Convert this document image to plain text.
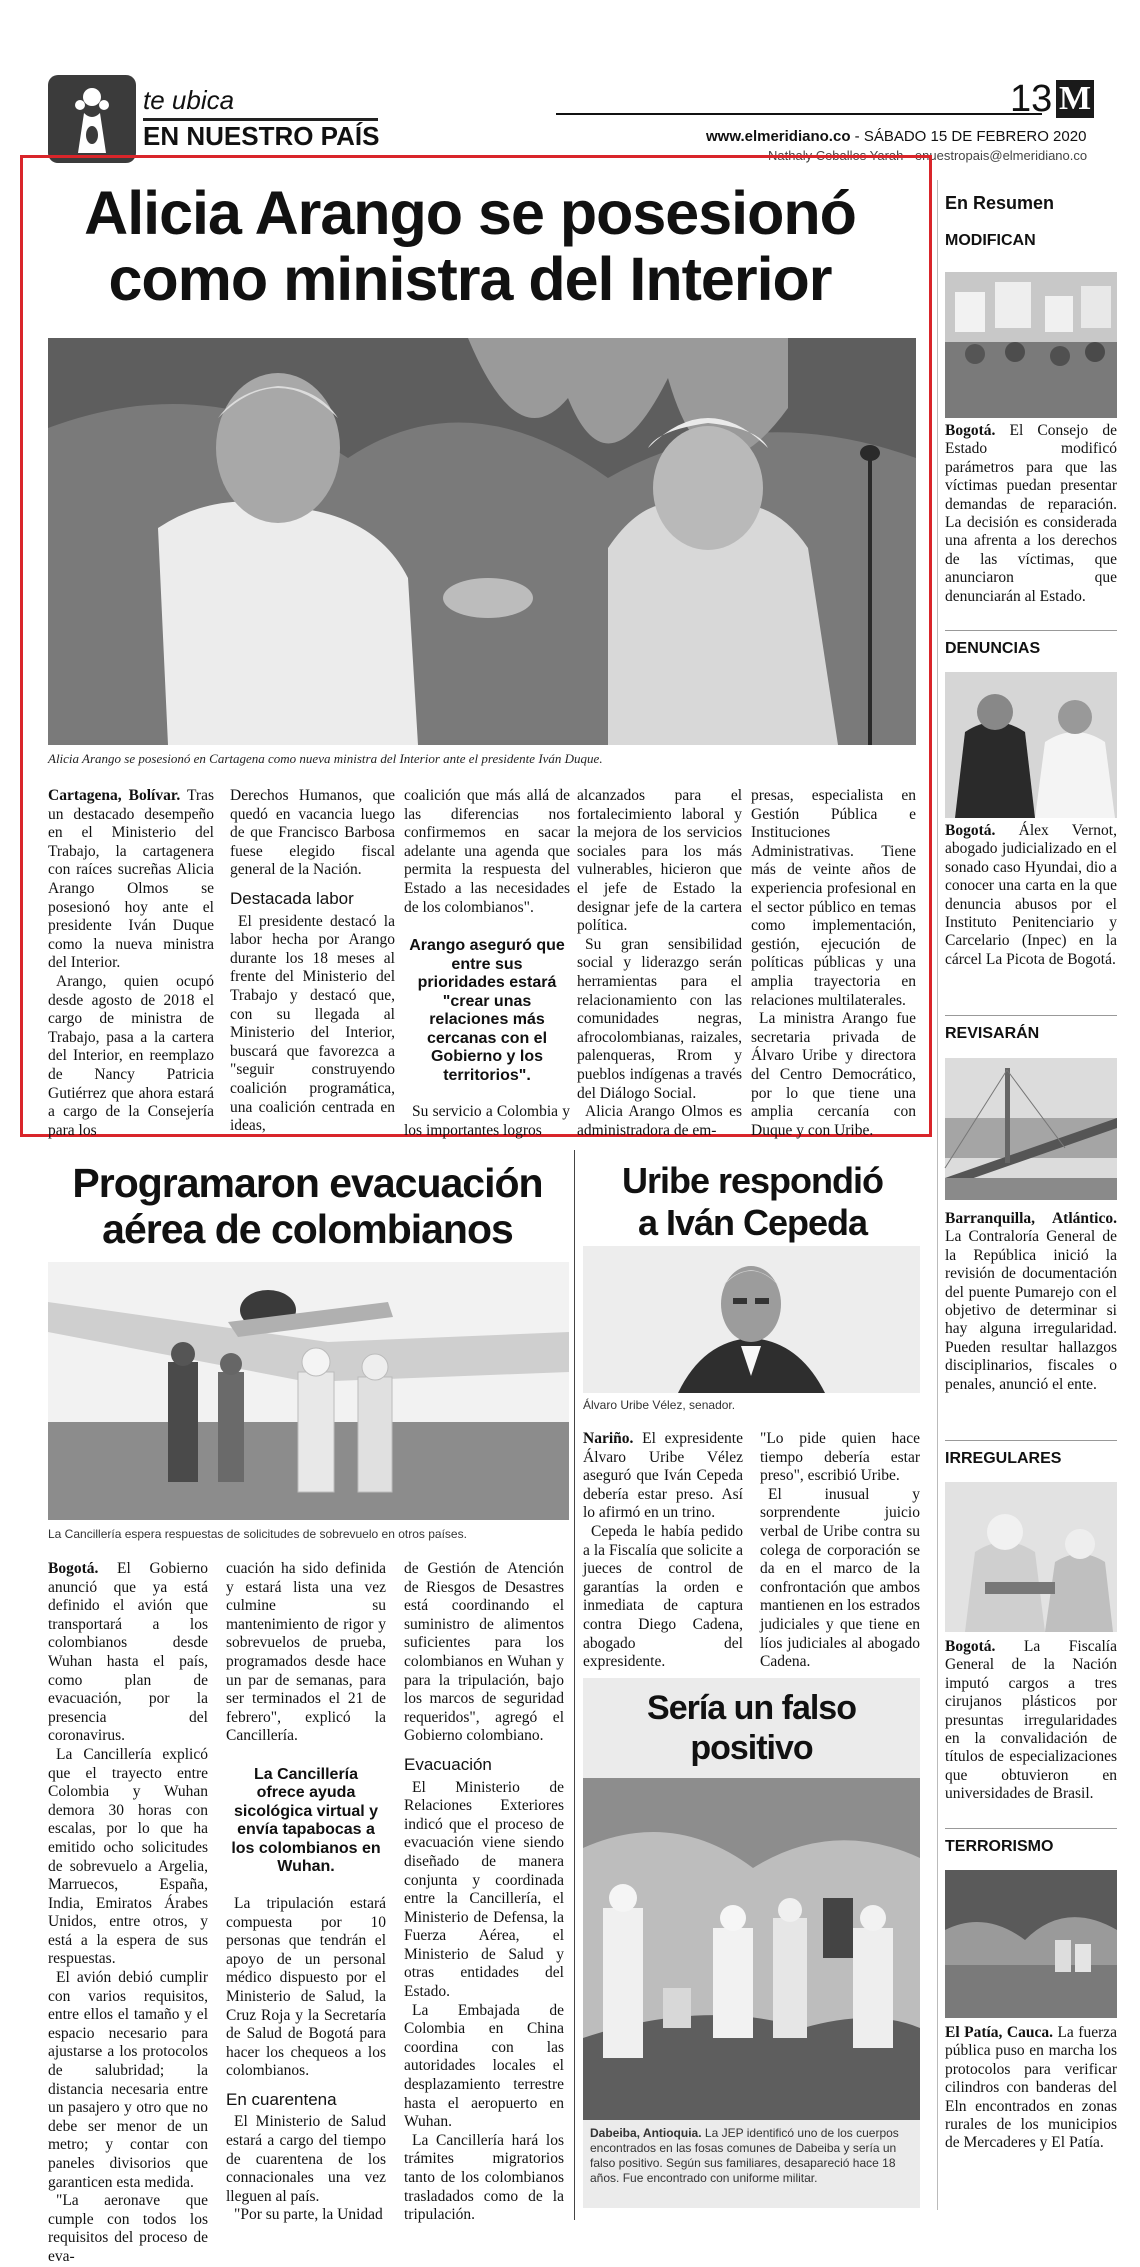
te ubica
EN NUESTRO PAÍS
13 M
www.elmeridiano.co - SÁBADO 15 DE FEBRERO 2020
Nathaly Ceballos Yarah - enuestropais@elmeridiano.co
Alicia Arango se posesionó
como ministra del Interior
Alicia Arango se posesionó en Cartagena como nueva ministra del Interior ante el presidente Iván Duque.

Cartagena, Bolívar. Tras un destacado desempeño en el Ministerio del Trabajo, la cartagenera con raíces sucreñas Alicia Arango Olmos se posesionó hoy ante el presidente Iván Duque como la nueva ministra del Interior.

Arango, quien ocupó desde agosto de 2018 el cargo de ministra de Trabajo, pasa a la cartera del Interior, en reemplazo de Nancy Patricia Gutiérrez que ahora estará a cargo de la Consejería para los

Derechos Humanos, que quedó en vacancia luego de que Francisco Barbosa fuese elegido fiscal general de la Nación.

Destacada labor

El presidente destacó la labor hecha por Arango durante los 18 meses al frente del Ministerio del Trabajo y destacó que, con su llegada al Ministerio del Interior, buscará que favorezca a "seguir construyendo coalición programática, una coalición centrada en ideas,

coalición que más allá de las diferencias nos confirmemos en sacar adelante una agenda que permita la respuesta del Estado a las necesidades de los colombianos".

Arango aseguró que entre sus prioridades estará "crear unas relaciones más cercanas con el Gobierno y los territorios".

Su servicio a Colombia y los importantes logros

alcanzados para el fortalecimiento laboral y la mejora de los servicios sociales para los más vulnerables, hicieron que el jefe de Estado la designar jefe de la cartera política.

Su gran sensibilidad social y liderazgo serán herramientas para el relacionamiento con las comunidades negras, afrocolombianas, raizales, palenqueras, Rrom y pueblos indígenas a través del Diálogo Social.

Alicia Arango Olmos es administradora de em-

presas, especialista en Gestión Pública e Instituciones Administrativas. Tiene más de veinte años de experiencia profesional en el sector público en temas como implementación, gestión, ejecución de políticas públicas y una amplia trayectoria en relaciones multilaterales.

La ministra Arango fue secretaria privada de Álvaro Uribe y directora del Centro Democrático, por lo que tiene una amplia cercanía con Duque y con Uribe.

Programaron evacuación
aérea de colombianos
La Cancillería espera respuestas de solicitudes de sobrevuelo en otros países.

Bogotá. El Gobierno anunció que ya está definido el avión que transportará a los colombianos desde Wuhan hasta el país, como plan de evacuación, por la presencia del coronavirus.

La Cancillería explicó que el trayecto entre Colombia y Wuhan demora 30 horas con escalas, por lo que ha emitido ocho solicitudes de sobrevuelo a Argelia, Marruecos, España, India, Emiratos Árabes Unidos, entre otros, y está a la espera de sus respuestas.

El avión debió cumplir con varios requisitos, entre ellos el tamaño y el espacio necesario para ajustarse a los protocolos de salubridad; la distancia necesaria entre un pasajero y otro que no debe ser menor de un metro; y contar con paneles divisorios que garanticen esta medida.

"La aeronave que cumple con todos los requisitos del proceso de eva-

cuación ha sido definida y estará lista una vez culmine su mantenimiento de rigor y sobrevuelos de prueba, programados desde hace un par de semanas, para ser terminados el 21 de febrero", explicó la Cancillería.

La Cancillería ofrece ayuda sicológica virtual y envía tapabocas a los colombianos en Wuhan.

La tripulación estará compuesta por 10 personas que tendrán el apoyo de un personal médico dispuesto por el Ministerio de Salud, la Cruz Roja y la Secretaría de Salud de Bogotá para hacer los chequeos a los colombianos.

En cuarentena

El Ministerio de Salud estará a cargo del tiempo de cuarentena de los connacionales una vez lleguen al país.

"Por su parte, la Unidad

de Gestión de Atención de Riesgos de Desastres está coordinando el suministro de alimentos suficientes para los colombianos en Wuhan y para la tripulación, bajo los marcos de seguridad requeridos", agregó el Gobierno colombiano.

Evacuación

El Ministerio de Relaciones Exteriores indicó que el proceso de evacuación viene siendo diseñado de manera conjunta y coordinada entre la Cancillería, el Ministerio de Defensa, la Fuerza Aérea, el Ministerio de Salud y otras entidades del Estado.

La Embajada de Colombia en China coordina con las autoridades locales el desplazamiento terrestre hasta el aeropuerto en Wuhan.

La Cancillería hará los trámites migratorios tanto de los colombianos trasladados como de la tripulación.

Uribe respondió
a Iván Cepeda
Álvaro Uribe Vélez, senador.

Nariño. El expresidente Álvaro Uribe Vélez aseguró que Iván Cepeda debería estar preso. Así lo afirmó en un trino.

Cepeda le había pedido a la Fiscalía que solicite a jueces de control de garantías la orden e inmediata de captura contra Diego Cadena, abogado del expresidente.

"Lo pide quien hace tiempo debería estar preso", escribió Uribe.

El inusual y sorprendente juicio verbal de Uribe contra su colega de corporación se da en el marco de la confrontación que ambos mantienen en los estrados judiciales y que tiene en líos judiciales al abogado Cadena.

Sería un falso
positivo
Dabeiba, Antioquia. La JEP identificó uno de los cuerpos encontrados en las fosas comunes de Dabeiba y sería un falso positivo. Según sus familiares, desapareció hace 18 años. Fue encontrado con uniforme militar.
En Resumen
MODIFICAN
Bogotá. El Consejo de Estado modificó parámetros para que las víctimas puedan presentar demandas de reparación. La decisión es considerada una afrenta a los derechos de las víctimas, que anunciaron que denunciarán al Estado.
DENUNCIAS
Bogotá. Álex Vernot, abogado judicializado en el sonado caso Hyundai, dio a conocer una carta en la que denuncia abusos por el Instituto Penitenciario y Carcelario (Inpec) en la cárcel La Picota de Bogotá.
REVISARÁN
Barranquilla, Atlántico. La Contraloría General de la República inició la revisión de documentación del puente Pumarejo con el objetivo de determinar si hay alguna irregularidad. Pueden resultar hallazgos disciplinarios, fiscales o penales, anunció el ente.
IRREGULARES
Bogotá. La Fiscalía General de la Nación imputó cargos a tres cirujanos plásticos por presuntas irregularidades en la convalidación de títulos de especializaciones que obtuvieron en universidades de Brasil.
TERRORISMO
El Patía, Cauca. La fuerza pública puso en marcha los protocolos para verificar cilindros con banderas del Eln encontrados en zonas rurales de los municipios de Mercaderes y El Patía.
